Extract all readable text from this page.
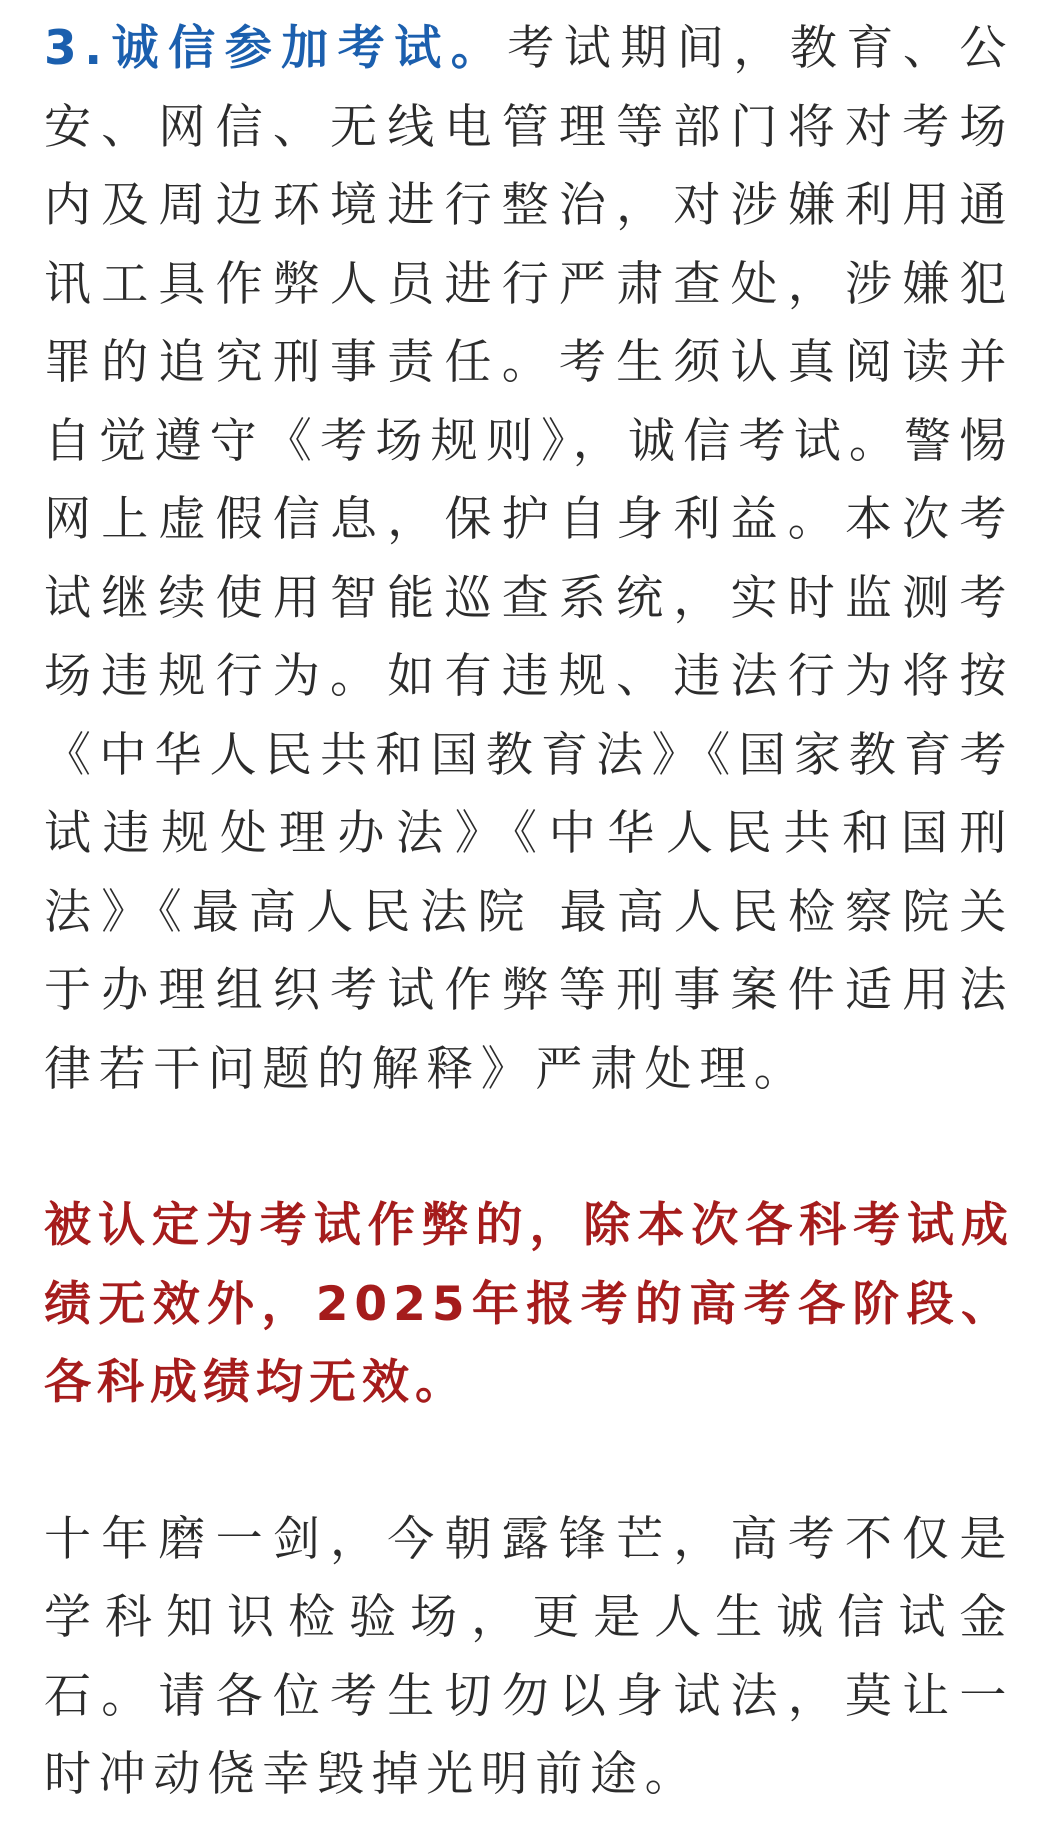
3.诚信参加考试。考试期间，教育、公安、网信、无线电管理等部门将对考场内及周边环境进行整治，对涉嫌利用通讯工具作弊人员进行严肃查处，涉嫌犯罪的追究刑事责任。考生须认真阅读并自觉遵守《考场规则》，诚信考试。警惕网上虚假信息，保护自身利益。本次考试继续使用智能巡查系统，实时监测考场违规行为。如有违规、违法行为将按《中华人民共和国教育法》《国家教育考试违规处理办法》《中华人民共和国刑法》《最高人民法院 最高人民检察院关于办理组织考试作弊等刑事案件适用法律若干问题的解释》严肃处理。

被认定为考试作弊的，除本次各科考试成绩无效外，2025年报考的高考各阶段、各科成绩均无效。

十年磨一剑，今朝露锋芒，高考不仅是学科知识检验场，更是人生诚信试金石。请各位考生切勿以身试法，莫让一时冲动侥幸毁掉光明前途。
